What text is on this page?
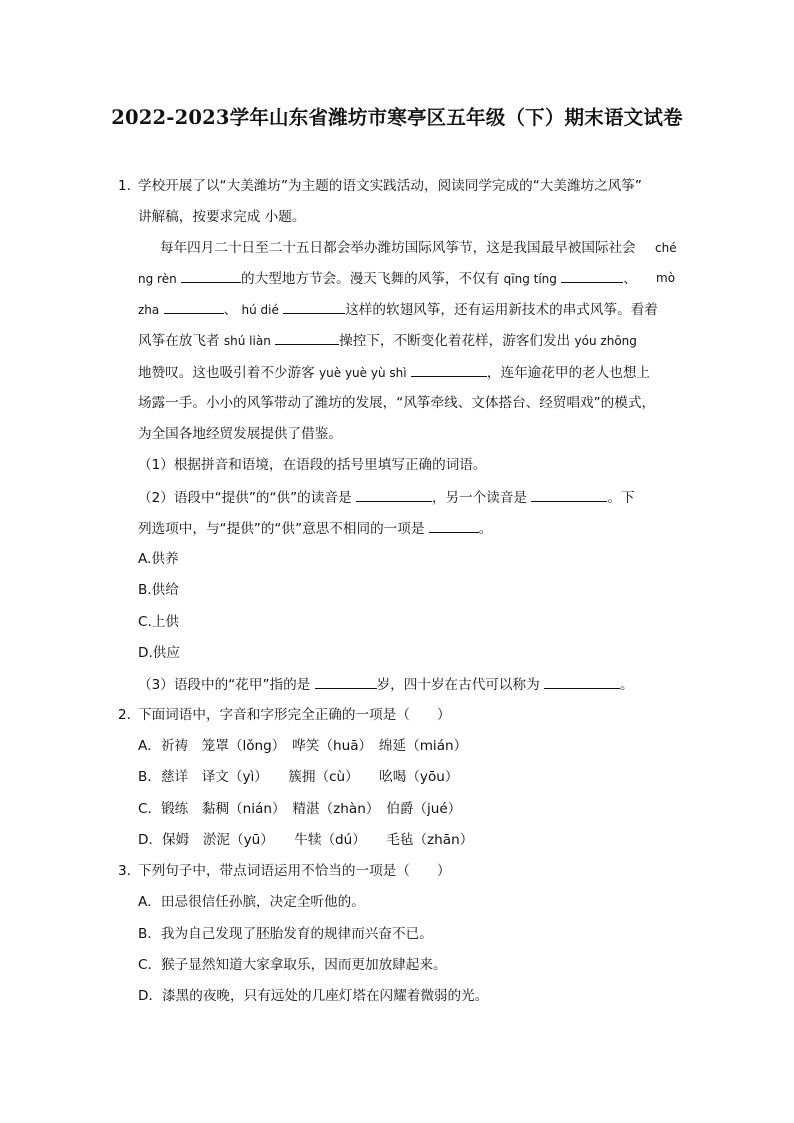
2022-2023学年山东省潍坊市寒亭区五年级（下）期末语文试卷
1．
学校开展了以“大美潍坊”为主题的语文实践活动，阅读同学完成的“大美潍坊之风筝”
讲解稿，按要求完成 小题。
每年四月二十日至二十五日都会举办潍坊国际风筝节，这是我国最早被国际社会 ché
ng rèn	的大型地方节会。漫天飞舞的风筝，不仅有 qīng tíng	、 mò
zha	、 hú dié	这样的软翅风筝，还有运用新技术的串式风筝。看着
风筝在放飞者 shú liàn	操控下，不断变化着花样，游客们发出 yóu zhōng
地赞叹。这也吸引着不少游客 yuè yuè yù shì	，连年逾花甲的老人也想上
场露一手。小小的风筝带动了潍坊的发展，“风筝牵线、文体搭台、经贸唱戏”的模式，
为全国各地经贸发展提供了借鉴。
（1）根据拼音和语境，在语段的括号里填写正确的词语。
（2）语段中“提供”的“供”的读音是	，另一个读音是	。下
列选项中，与“提供”的“供”意思不相同的一项是	。
A.供养
B.供给
C.上供
D.供应
（3）语段中的“花甲”指的是	岁，四十岁在古代可以称为	。
2．
下面词语中，字音和字形完全正确的一项是（　　）
A．祈祷　笼罩（lǒng）　哗笑（huā）　绵延（mián）
B．慈详　译文（yì）　　簇拥（cù）　　吆喝（yōu）
C．锻练　黏稠（nián）　精湛（zhàn）　伯爵（jué）
D．保姆　淤泥（yū）　　牛犊（dú）　　毛毡（zhān）
3．
下列句子中，带点词语运用不恰当的一项是（　　）
A．田忌很信任孙膑，决定全听他的。
B．我为自己发现了胚胎发育的规律而兴奋不已。
C．猴子显然知道大家拿取乐，因而更加放肆起来。
D．漆黑的夜晚，只有远处的几座灯塔在闪耀着微弱的光。
